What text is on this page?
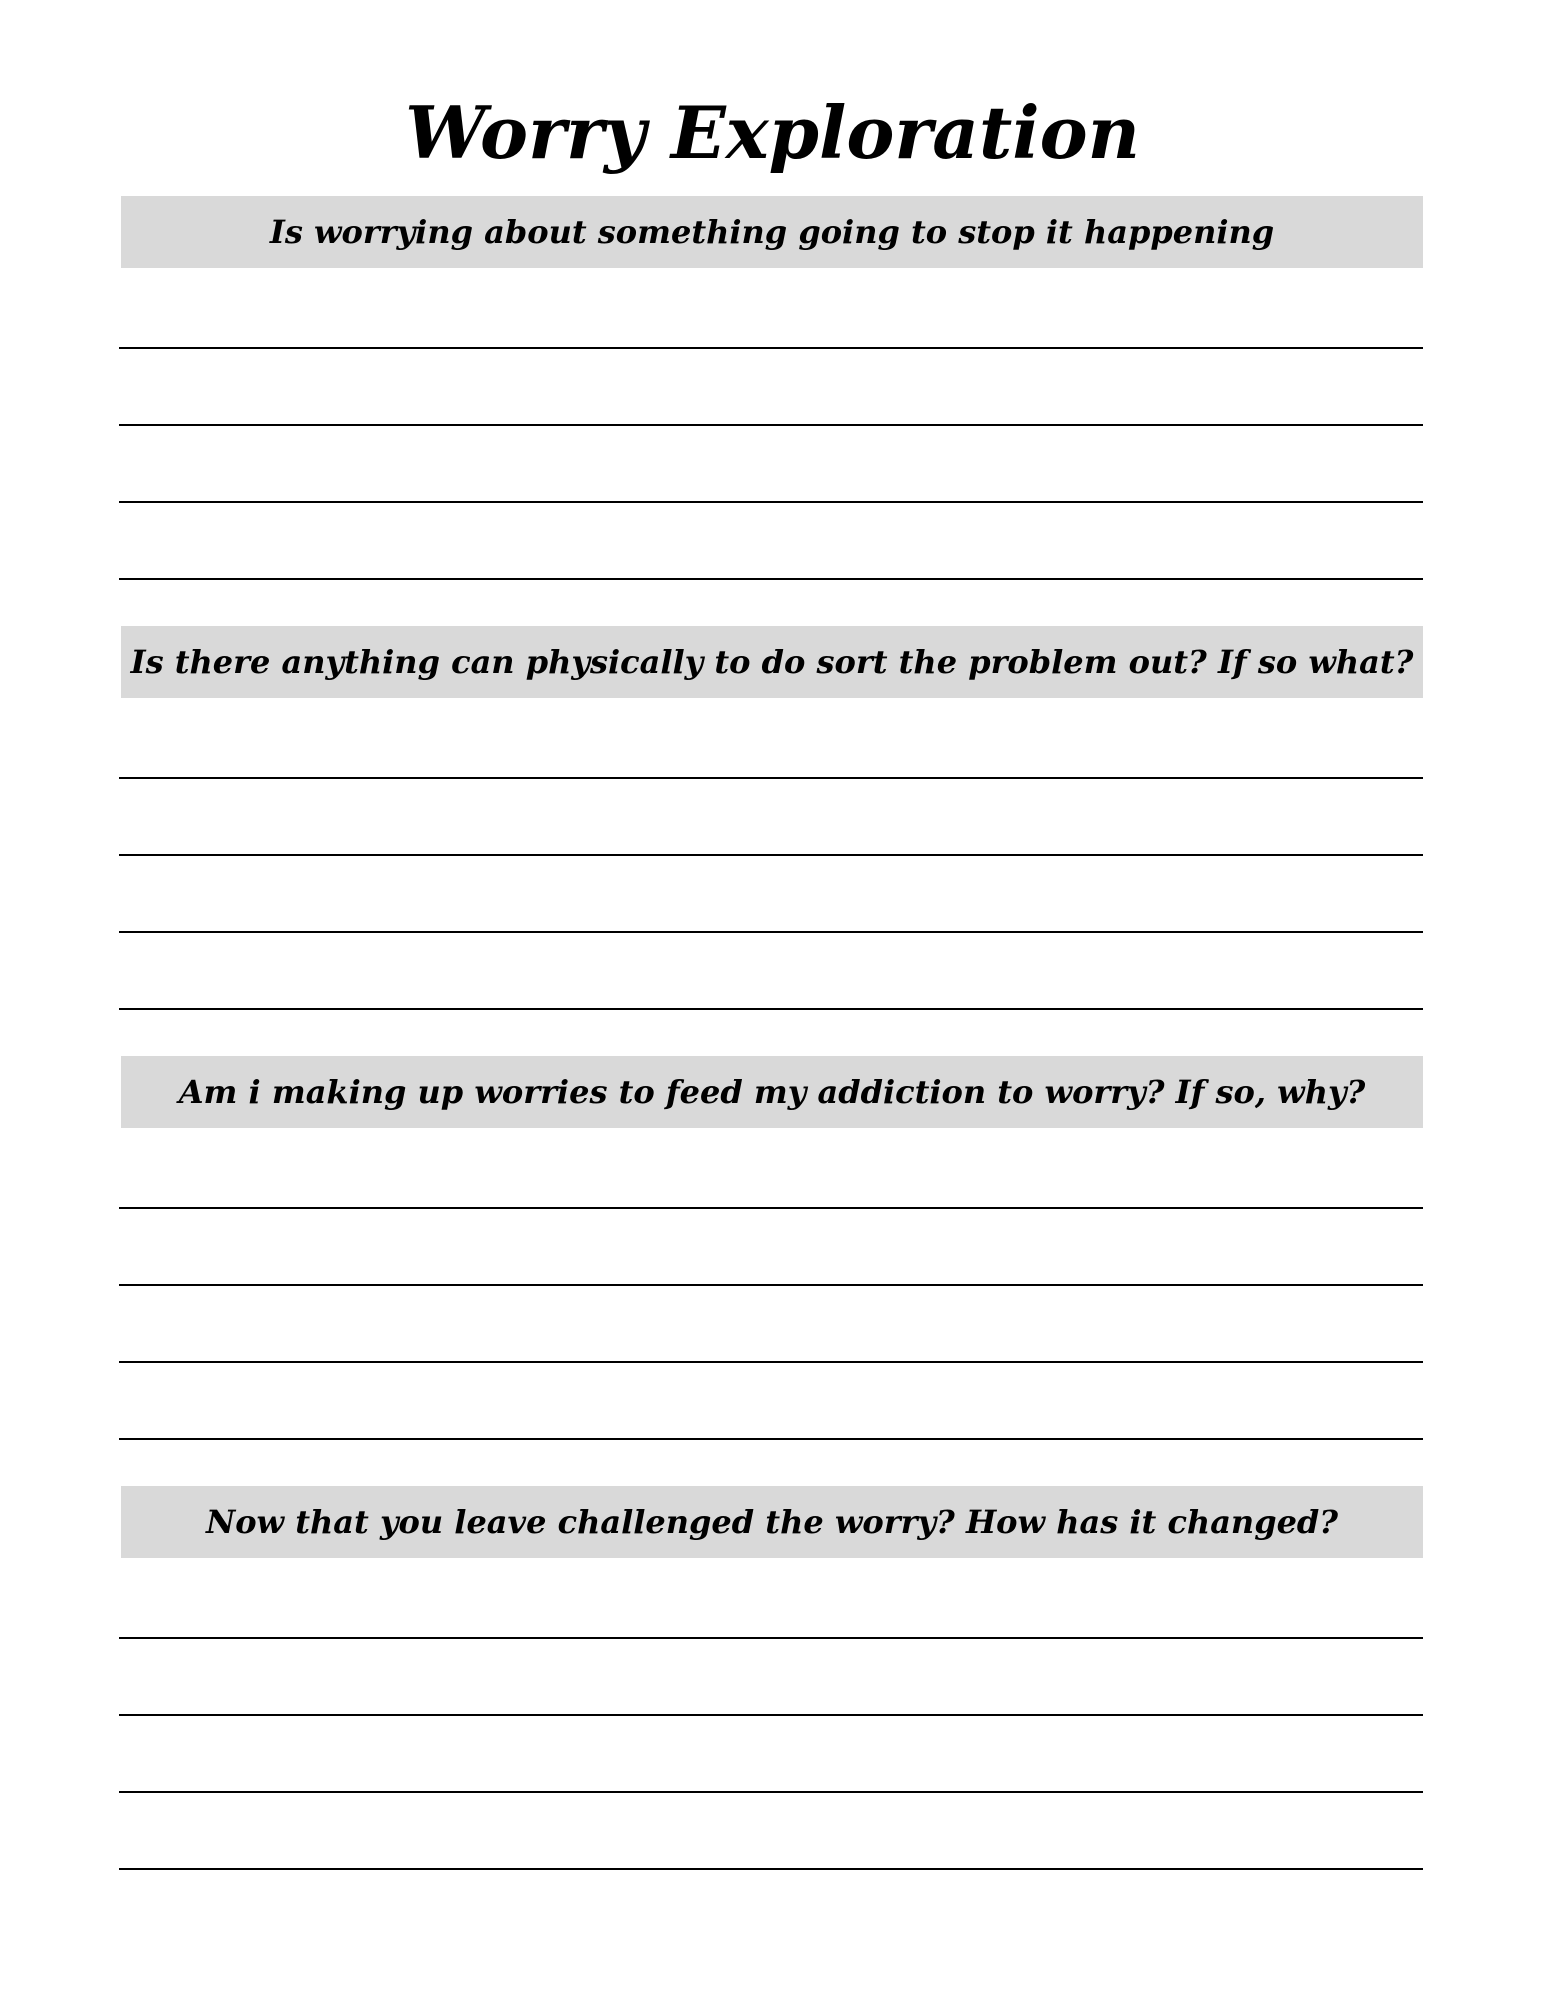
Worry Exploration
Is worrying about something going to stop it happening
Is there anything can physically to do sort the problem out? If so what?
Am i making up worries to feed my addiction to worry? If so, why?
Now that you leave challenged the worry? How has it changed?
